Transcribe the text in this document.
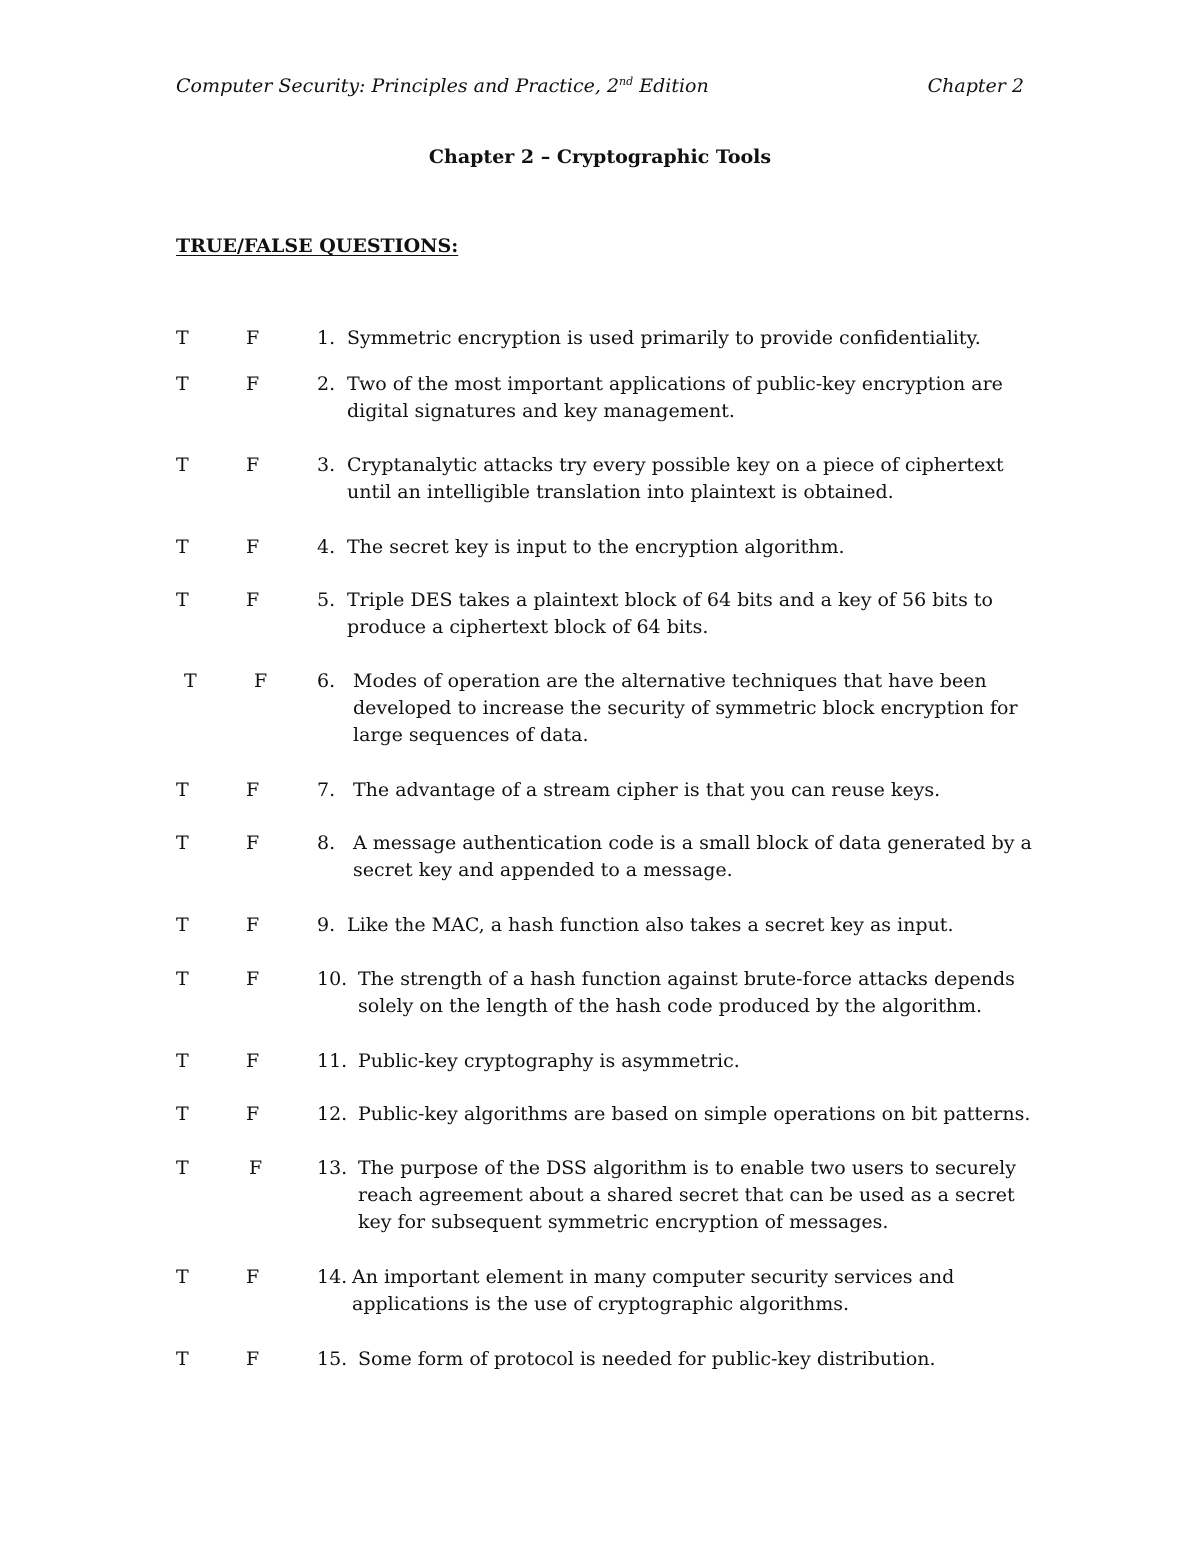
Computer Security: Principles and Practice, 2nd Edition	Chapter 2
Chapter 2 – Cryptographic Tools
TRUE/FALSE QUESTIONS:
T	F	1. Symmetric encryption is used primarily to provide confidentiality.
T	F	2. Two of the most important applications of public-key encryption are digital signatures and key management.
T	F	3. Cryptanalytic attacks try every possible key on a piece of ciphertext until an intelligible translation into plaintext is obtained.
T	F	4. The secret key is input to the encryption algorithm.
T	F	5. Triple DES takes a plaintext block of 64 bits and a key of 56 bits to produce a ciphertext block of 64 bits.
T	F	6. Modes of operation are the alternative techniques that have been developed to increase the security of symmetric block encryption for large sequences of data.
T	F	7. The advantage of a stream cipher is that you can reuse keys.
T	F	8. A message authentication code is a small block of data generated by a secret key and appended to a message.
T	F	9. Like the MAC, a hash function also takes a secret key as input.
T	F	10. The strength of a hash function against brute-force attacks depends solely on the length of the hash code produced by the algorithm.
T	F	11. Public-key cryptography is asymmetric.
T	F	12. Public-key algorithms are based on simple operations on bit patterns.
T	F	13. The purpose of the DSS algorithm is to enable two users to securely reach agreement about a shared secret that can be used as a secret key for subsequent symmetric encryption of messages.
T	F	14. An important element in many computer security services and applications is the use of cryptographic algorithms.
T	F	15. Some form of protocol is needed for public-key distribution.
